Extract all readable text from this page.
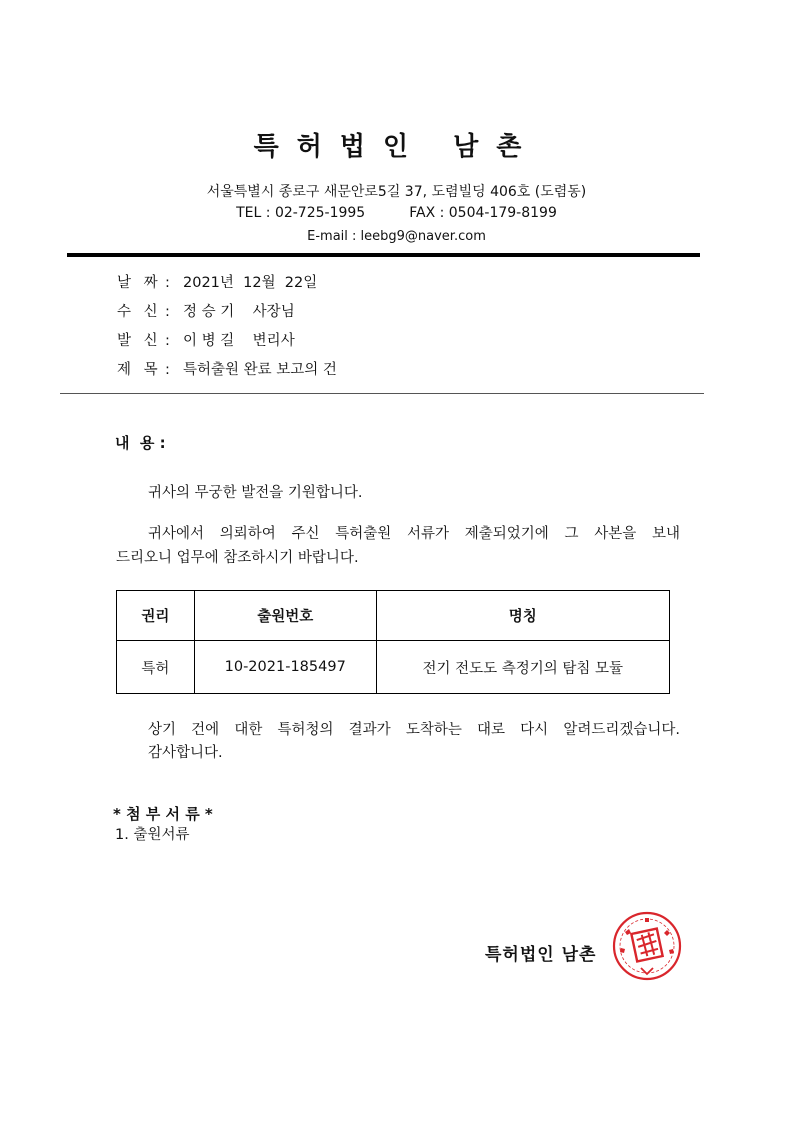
특허법인 남촌
서울특별시 종로구 새문안로5길 37, 도렴빌딩 406호 (도렴동)
TEL : 02-725-1995	FAX : 0504-179-8199
E-mail : leebg9@naver.com
날 짜 : 2021년  12월  22일
수 신 : 정 승 기    사장님
발 신 : 이 병 길    변리사
제 목 : 특허출원 완료 보고의 건
내  용 :
귀사의 무궁한 발전을 기원합니다.
귀사에서 의뢰하여 주신 특허출원 서류가 제출되었기에 그 사본을 보내
드리오니 업무에 참조하시기 바랍니다.
권리	출원번호	명칭
특허	10-2021-185497	전기 전도도 측정기의 탐침 모듈
상기 건에 대한 특허청의 결과가 도착하는 대로 다시 알려드리겠습니다.
감사합니다.
* 첨 부 서 류 *
1. 출원서류
특허법인 남촌
